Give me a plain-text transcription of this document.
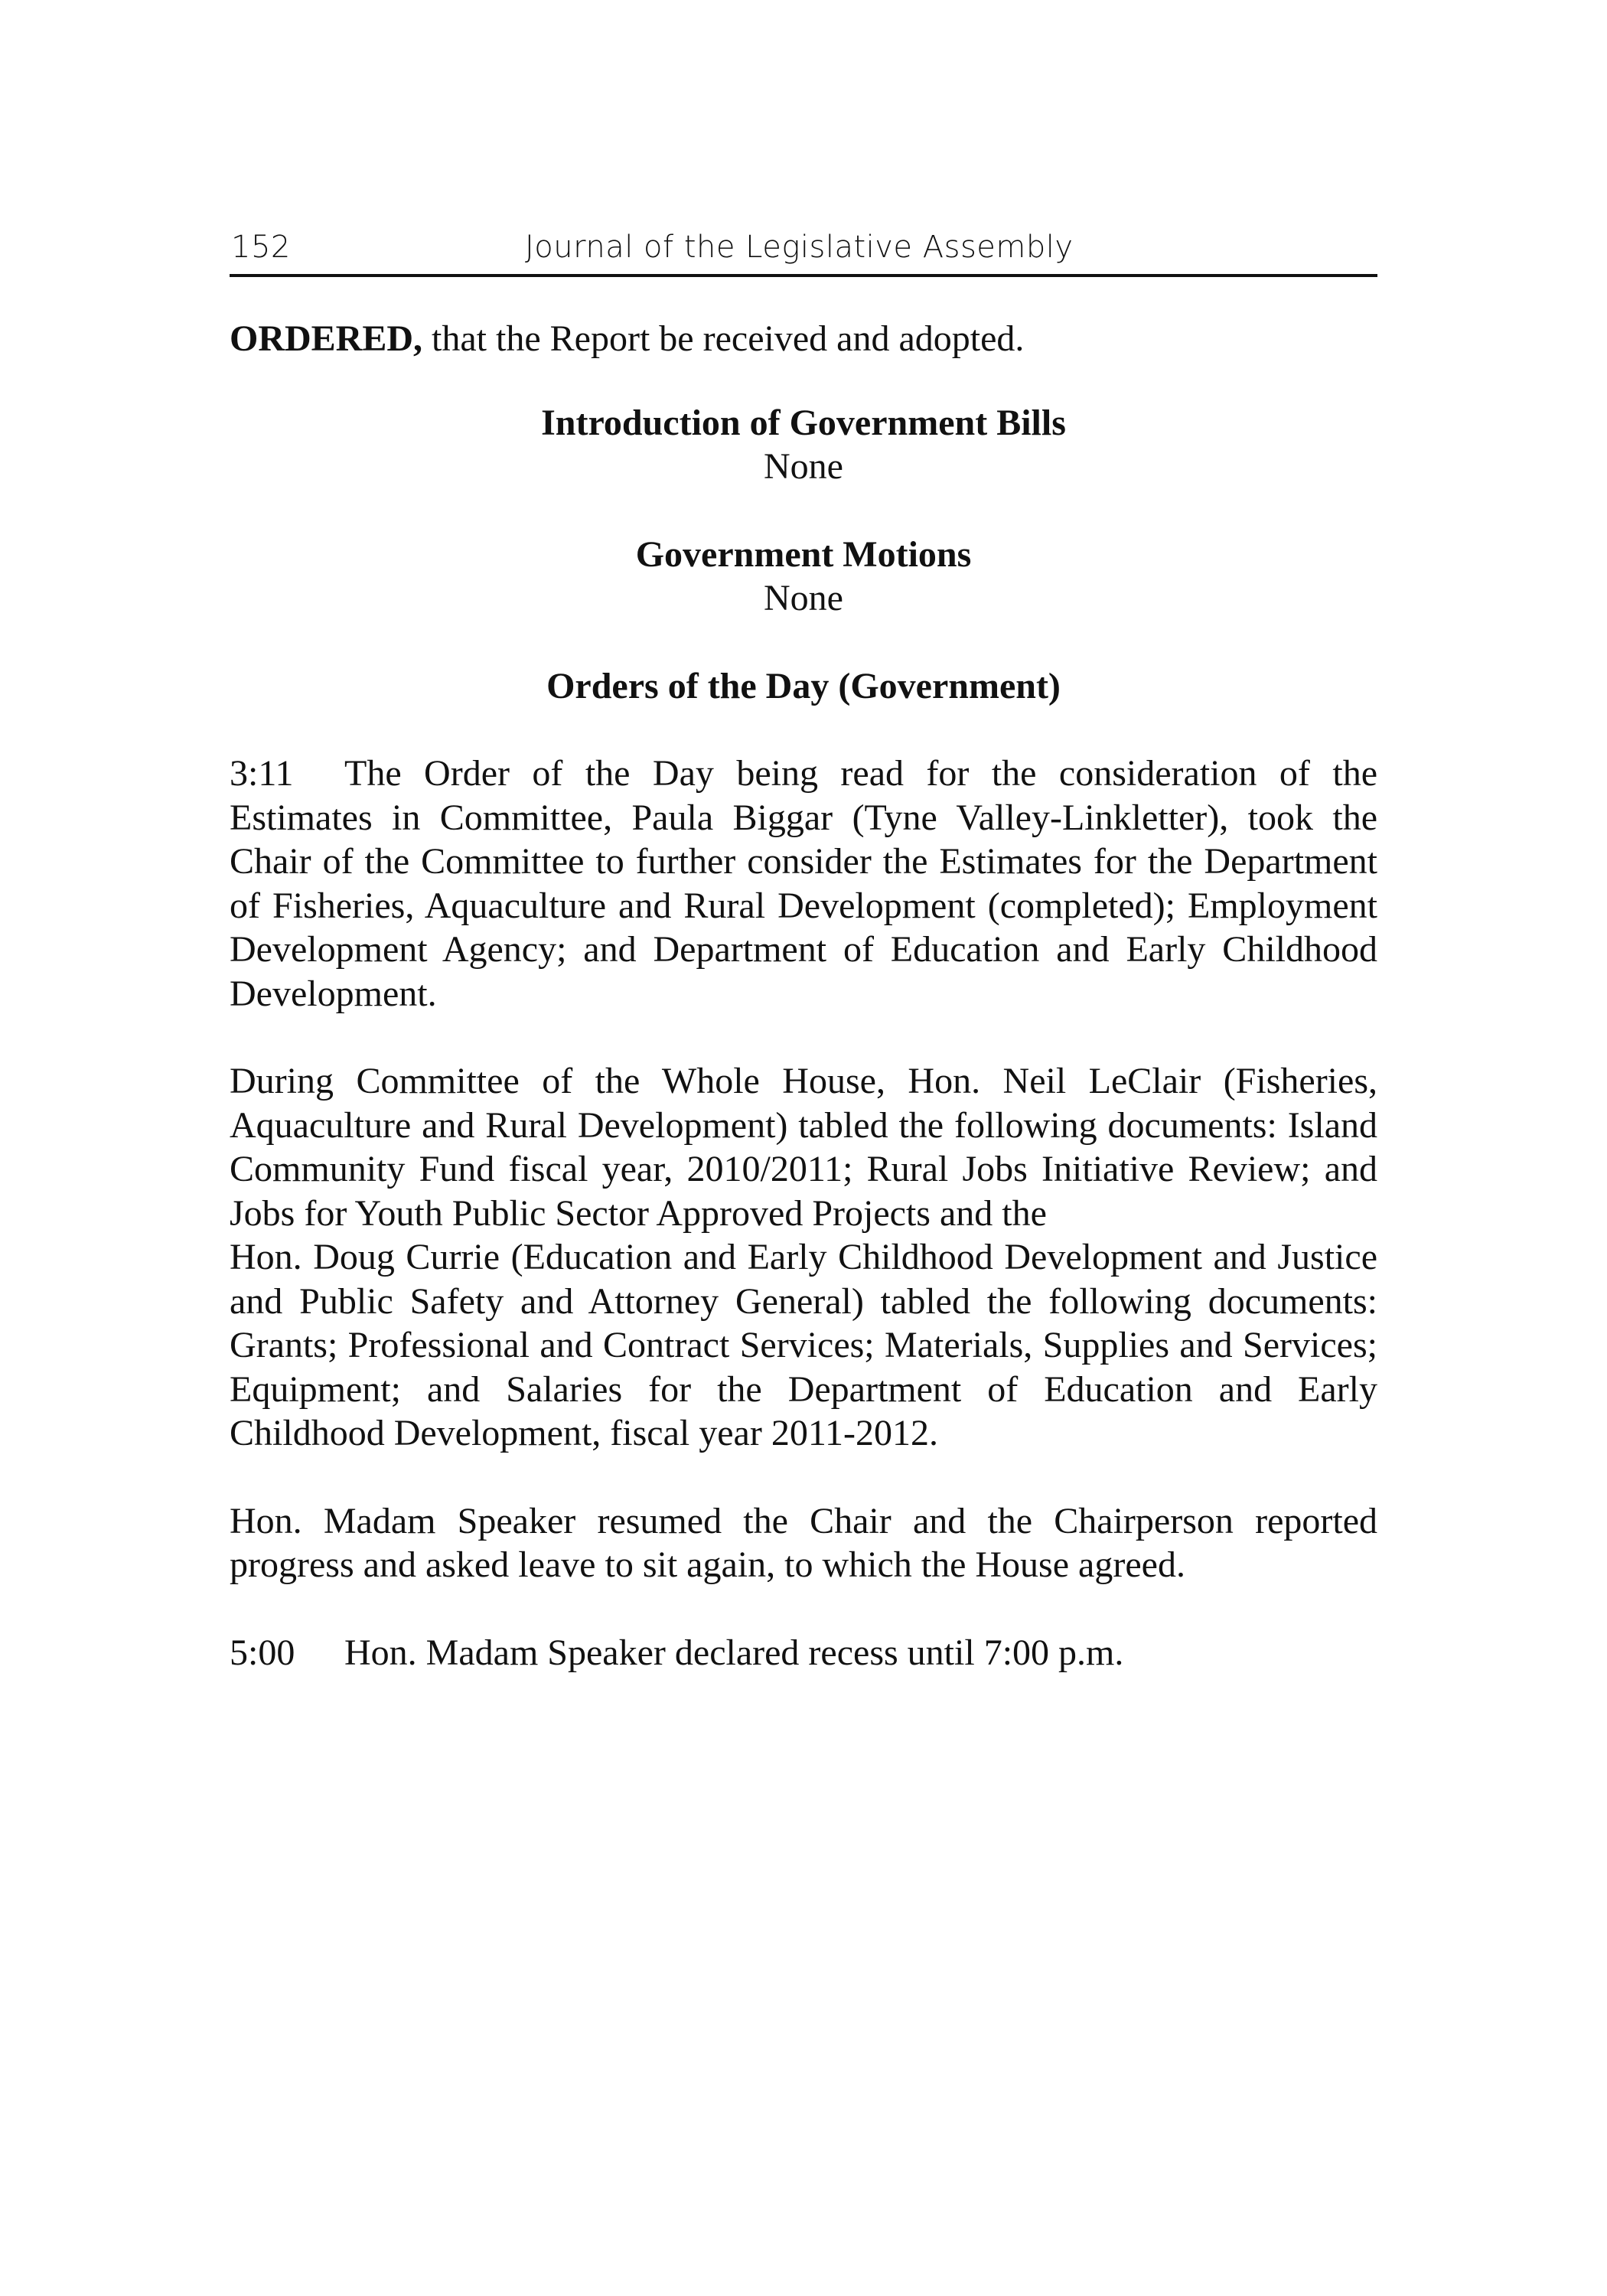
152	Journal of the Legislative Assembly

ORDERED, that the Report be received and adopted.

Introduction of Government Bills

None

Government Motions

None

Orders of the Day (Government)

3:11 The Order of the Day being read for the consideration of the Estimates in Committee, Paula Biggar (Tyne Valley-Linkletter), took the Chair of the Committee to further consider the Estimates for the Department of Fisheries, Aquaculture and Rural Development (completed); Employment Development Agency; and Department of Education and Early Childhood Development.

During Committee of the Whole House, Hon. Neil LeClair (Fisheries, Aquaculture and Rural Development) tabled the following documents: Island Community Fund fiscal year, 2010/2011; Rural Jobs Initiative Review; and Jobs for Youth Public Sector Approved Projects and the

Hon. Doug Currie (Education and Early Childhood Development and Justice and Public Safety and Attorney General) tabled the following documents: Grants; Professional and Contract Services; Materials, Supplies and Services; Equipment; and Salaries for the Department of Education and Early Childhood Development, fiscal year 2011-2012.

Hon. Madam Speaker resumed the Chair and the Chairperson reported progress and asked leave to sit again, to which the House agreed.

5:00 Hon. Madam Speaker declared recess until 7:00 p.m.
